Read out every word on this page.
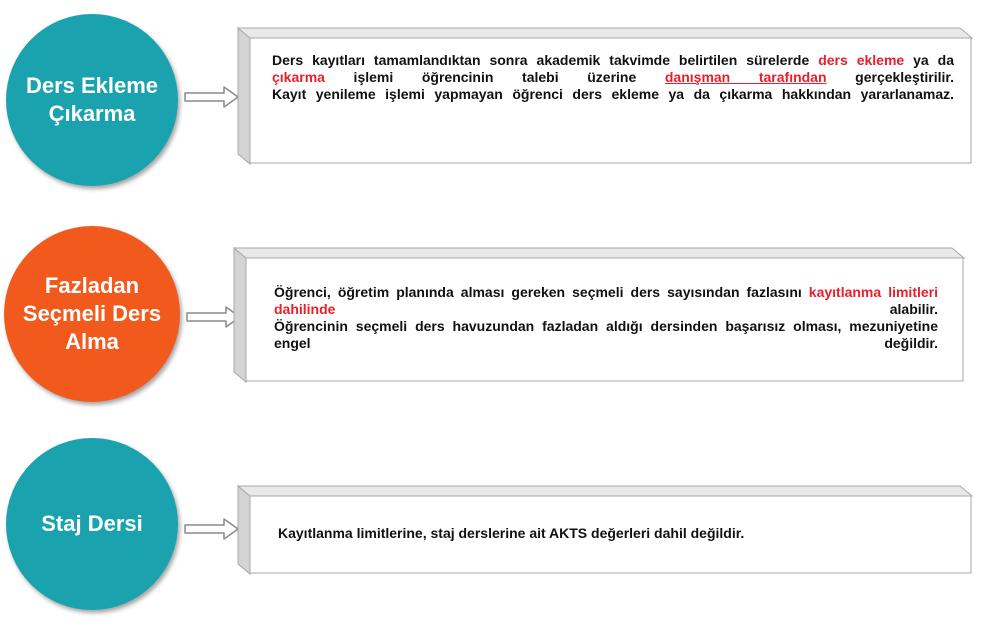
Ders Ekleme
Çıkarma
Fazladan
Seçmeli Ders
Alma
Staj Dersi

Ders kayıtları tamamlandıktan sonra akademik takvimde belirtilen sürelerde ders ekleme ya da çıkarma işlemi öğrencinin talebi üzerine danışman tarafından gerçekleştirilir.

Kayıt yenileme işlemi yapmayan öğrenci ders ekleme ya da çıkarma hakkından yararlanamaz.

Öğrenci, öğretim planında alması gereken seçmeli ders sayısından fazlasını kayıtlanma limitleri dahilinde alabilir.

Öğrencinin seçmeli ders havuzundan fazladan aldığı dersinden başarısız olması, mezuniyetine engel değildir.

Kayıtlanma limitlerine, staj derslerine ait AKTS değerleri dahil değildir.
